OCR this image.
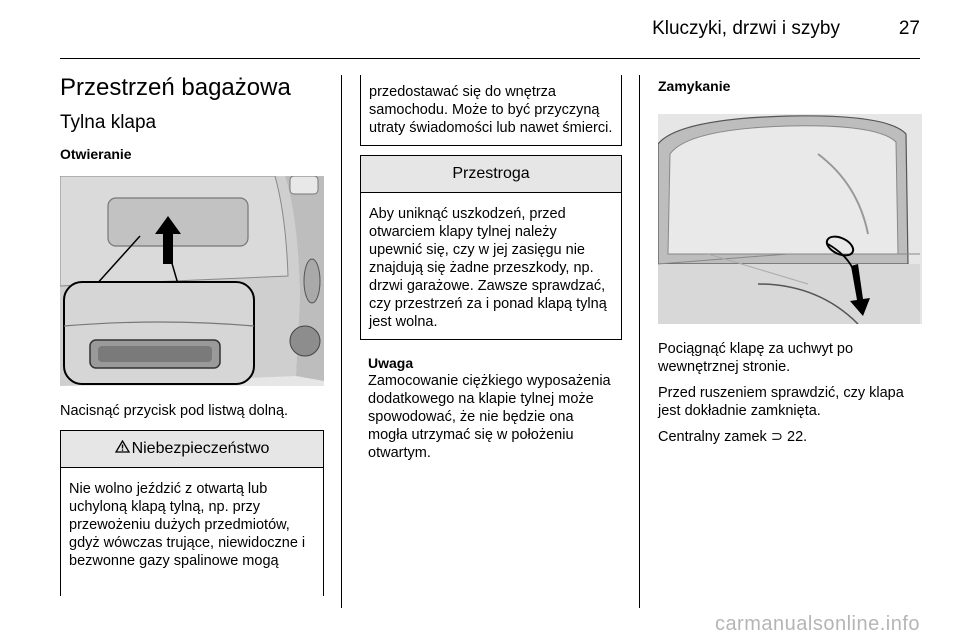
Kluczyki, drzwi i szyby	27
Przestrzeń bagażowa
Tylna klapa
Otwieranie
Nacisnąć przycisk pod listwą dolną.
Niebezpieczeństwo
Nie wolno jeździć z otwartą lub uchyloną klapą tylną, np. przy przewożeniu dużych przedmiotów, gdyż wówczas trujące, niewidoczne i bezwonne gazy spalinowe mogą
przedostawać się do wnętrza samochodu. Może to być przyczyną utraty świadomości lub nawet śmierci.
Przestroga
Aby uniknąć uszkodzeń, przed otwarciem klapy tylnej należy upewnić się, czy w jej zasięgu nie znajdują się żadne przeszkody, np. drzwi garażowe. Zawsze sprawdzać, czy przestrzeń za i ponad klapą tylną jest wolna.
Uwaga
Zamocowanie ciężkiego wyposażenia dodatkowego na klapie tylnej może spowodować, że nie będzie ona mogła utrzymać się w położeniu otwartym.
Zamykanie
Pociągnąć klapę za uchwyt po wewnętrznej stronie.
Przed ruszeniem sprawdzić, czy klapa jest dokładnie zamknięta.
Centralny zamek ⊃ 22.
carmanualsonline.info
